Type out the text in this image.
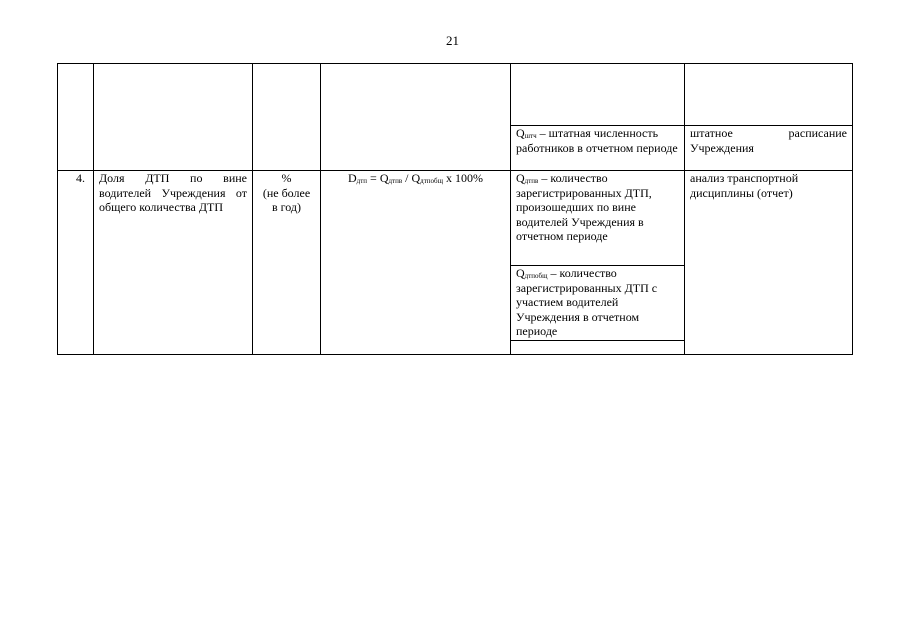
21

				$Q_{штч}$ – штатная численность работников в отчетном периоде	штатное расписание Учреждения
4.	Доля ДТП по вине водителей Учреждения от общего количества ДТП	%
(не более
в год)	$D_{дтп} = Q_{дтпв} / Q_{дтпобщ}$ х 100%	$Q_{дтпв}$ – количество зарегистрированных ДТП, произошедших по вине водителей Учреждения в отчетном периоде	анализ транспортной дисциплины (отчет)
				$Q_{дтпобщ}$ – количество зарегистрированных ДТП с участием водителей Учреждения в отчетном периоде	
